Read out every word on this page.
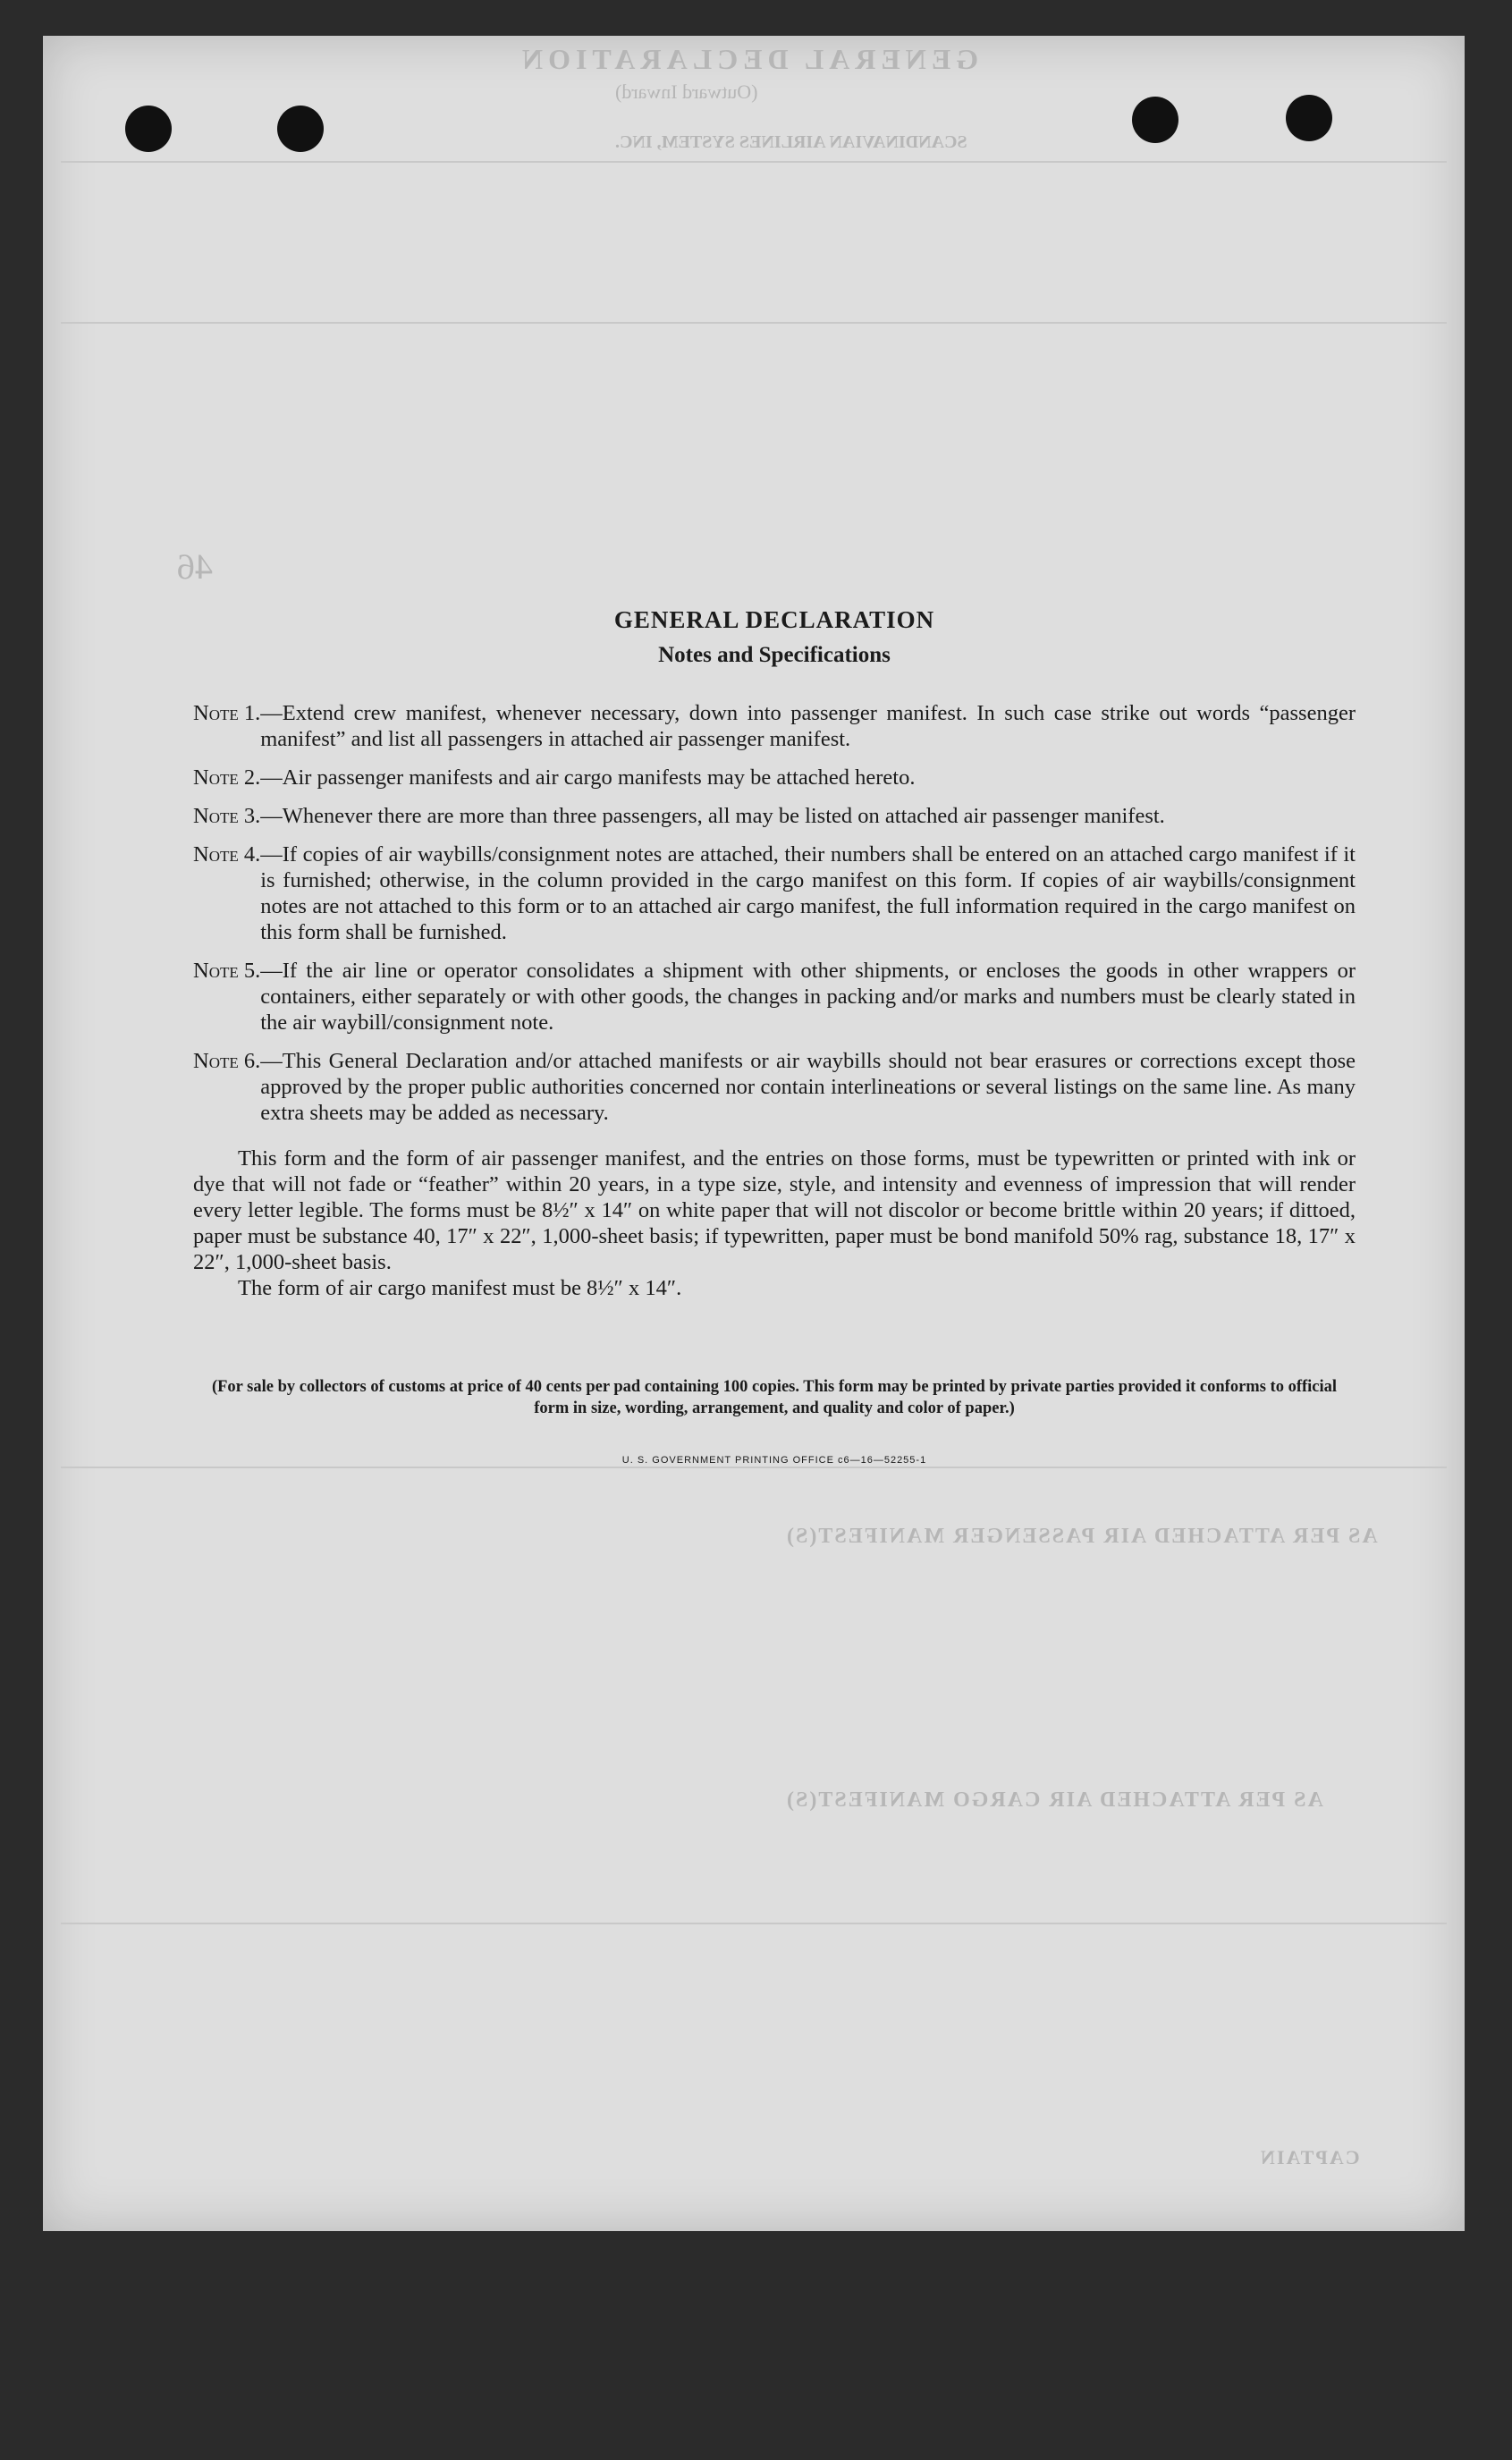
GENERAL DECLARATION
(Outward Inward)
SCANDINAVIAN AIRLINES SYSTEM, INC.
46
AS PER ATTACHED AIR PASSENGER MANIFEST(S)
AS PER ATTACHED AIR CARGO MANIFEST(S)
CAPTAIN
GENERAL DECLARATION
Notes and Specifications
Note 1. —Extend crew manifest, whenever necessary, down into passenger manifest. In such case strike out words “passenger manifest” and list all passengers in attached air passenger manifest.
Note 2. —Air passenger manifests and air cargo manifests may be attached hereto.
Note 3. —Whenever there are more than three passengers, all may be listed on attached air passenger manifest.
Note 4. —If copies of air waybills/consignment notes are attached, their numbers shall be entered on an attached cargo manifest if it is furnished; otherwise, in the column provided in the cargo manifest on this form. If copies of air waybills/consignment notes are not attached to this form or to an attached air cargo manifest, the full information required in the cargo manifest on this form shall be furnished.
Note 5. —If the air line or operator consolidates a shipment with other shipments, or encloses the goods in other wrappers or containers, either separately or with other goods, the changes in packing and/or marks and numbers must be clearly stated in the air waybill/consignment note.
Note 6. —This General Declaration and/or attached manifests or air waybills should not bear erasures or corrections except those approved by the proper public authorities concerned nor contain interlineations or several listings on the same line. As many extra sheets may be added as necessary.

This form and the form of air passenger manifest, and the entries on those forms, must be typewritten or printed with ink or dye that will not fade or “feather” within 20 years, in a type size, style, and intensity and evenness of impression that will render every letter legible. The forms must be 8½″ x 14″ on white paper that will not discolor or become brittle within 20 years; if dittoed, paper must be substance 40, 17″ x 22″, 1,000-sheet basis; if typewritten, paper must be bond manifold 50% rag, substance 18, 17″ x 22″, 1,000-sheet basis.

The form of air cargo manifest must be 8½″ x 14″.
(For sale by collectors of customs at price of 40 cents per pad containing 100 copies. This form may be printed by private parties provided it conforms to official form in size, wording, arrangement, and quality and color of paper.)
U. S. GOVERNMENT PRINTING OFFICE c6—16—52255-1
